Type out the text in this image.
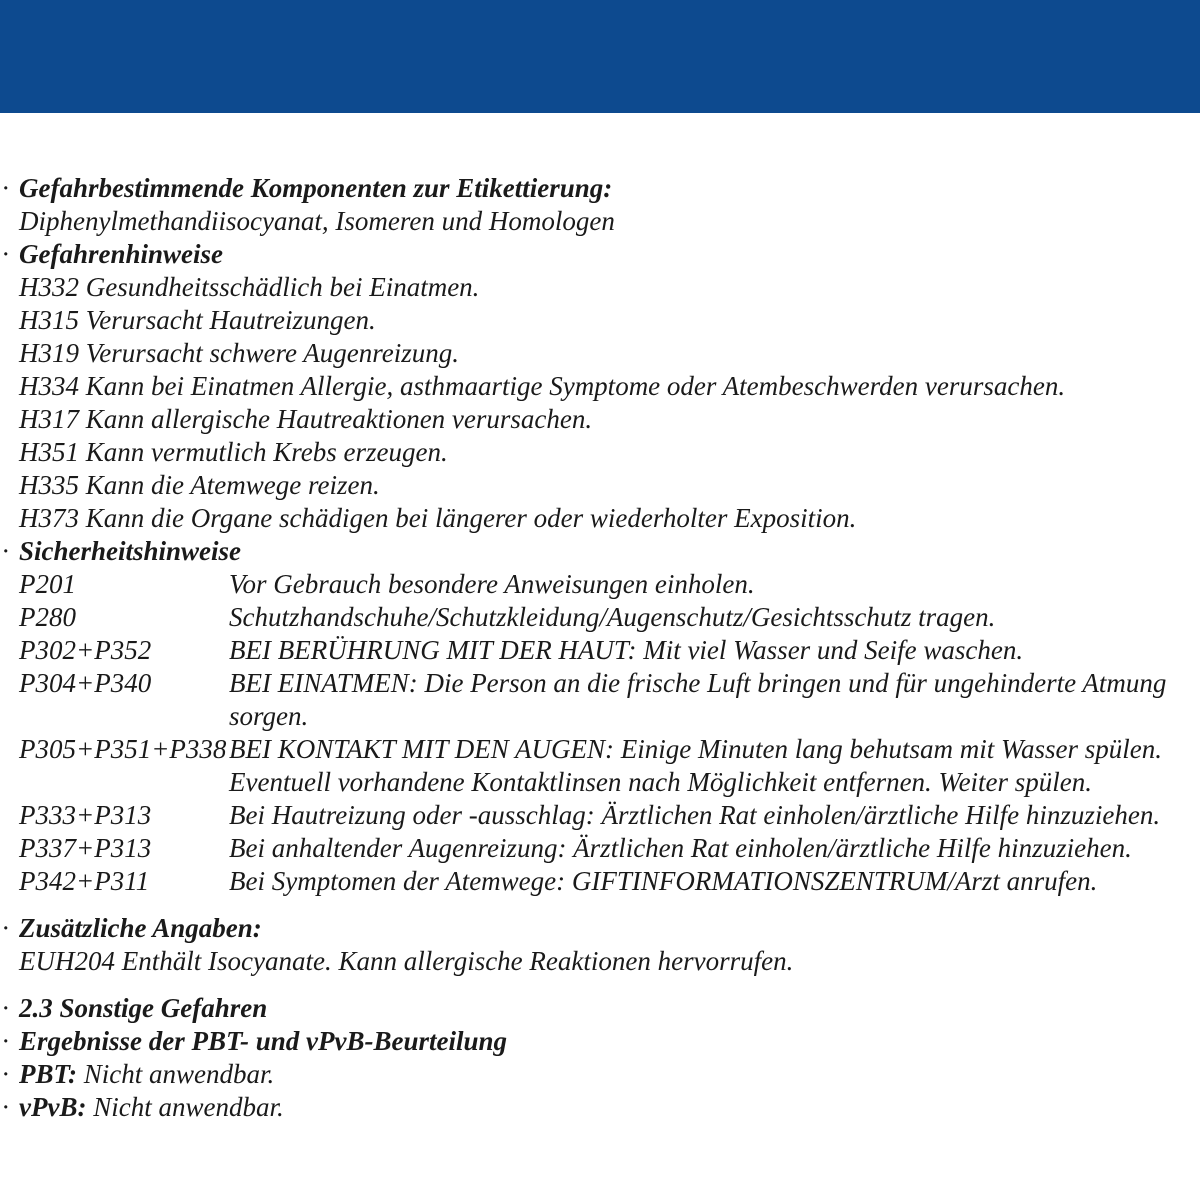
· Gefahrbestimmende Komponenten zur Etikettierung:
Diphenylmethandiisocyanat, Isomeren und Homologen
· Gefahrenhinweise
H332 Gesundheitsschädlich bei Einatmen.
H315 Verursacht Hautreizungen.
H319 Verursacht schwere Augenreizung.
H334 Kann bei Einatmen Allergie, asthmaartige Symptome oder Atembeschwerden verursachen.
H317 Kann allergische Hautreaktionen verursachen.
H351 Kann vermutlich Krebs erzeugen.
H335 Kann die Atemwege reizen.
H373 Kann die Organe schädigen bei längerer oder wiederholter Exposition.
· Sicherheitshinweise
P201	Vor Gebrauch besondere Anweisungen einholen.
P280	Schutzhandschuhe/Schutzkleidung/Augenschutz/Gesichtsschutz tragen.
P302+P352	BEI BERÜHRUNG MIT DER HAUT: Mit viel Wasser und Seife waschen.
P304+P340	BEI EINATMEN: Die Person an die frische Luft bringen und für ungehinderte Atmung sorgen.
P305+P351+P338 BEI KONTAKT MIT DEN AUGEN: Einige Minuten lang behutsam mit Wasser spülen. Eventuell vorhandene Kontaktlinsen nach Möglichkeit entfernen. Weiter spülen.
P333+P313	Bei Hautreizung oder -ausschlag: Ärztlichen Rat einholen/ärztliche Hilfe hinzuziehen.
P337+P313	Bei anhaltender Augenreizung: Ärztlichen Rat einholen/ärztliche Hilfe hinzuziehen.
P342+P311	Bei Symptomen der Atemwege: GIFTINFORMATIONSZENTRUM/Arzt anrufen.
· Zusätzliche Angaben:
EUH204 Enthält Isocyanate. Kann allergische Reaktionen hervorrufen.
· 2.3 Sonstige Gefahren
· Ergebnisse der PBT- und vPvB-Beurteilung
· PBT: Nicht anwendbar.
· vPvB: Nicht anwendbar.
